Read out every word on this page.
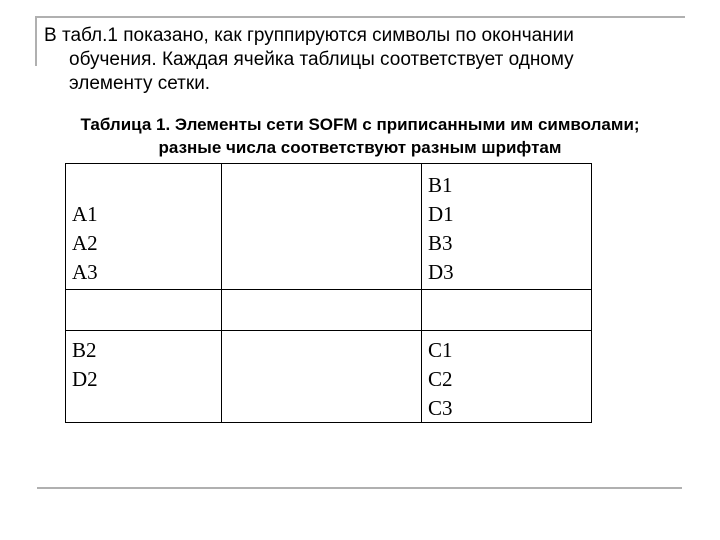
В табл.1 показано, как группируются символы по окончании
обучения. Каждая ячейка таблицы соответствует одному
элементу сетки.
Таблица 1. Элементы сети SOFM с приписанными им символами;
разные числа соответствуют разным шрифтам
A1
A2
A3
B1
D1
B3
D3
B2
D2
C1
C2
C3
